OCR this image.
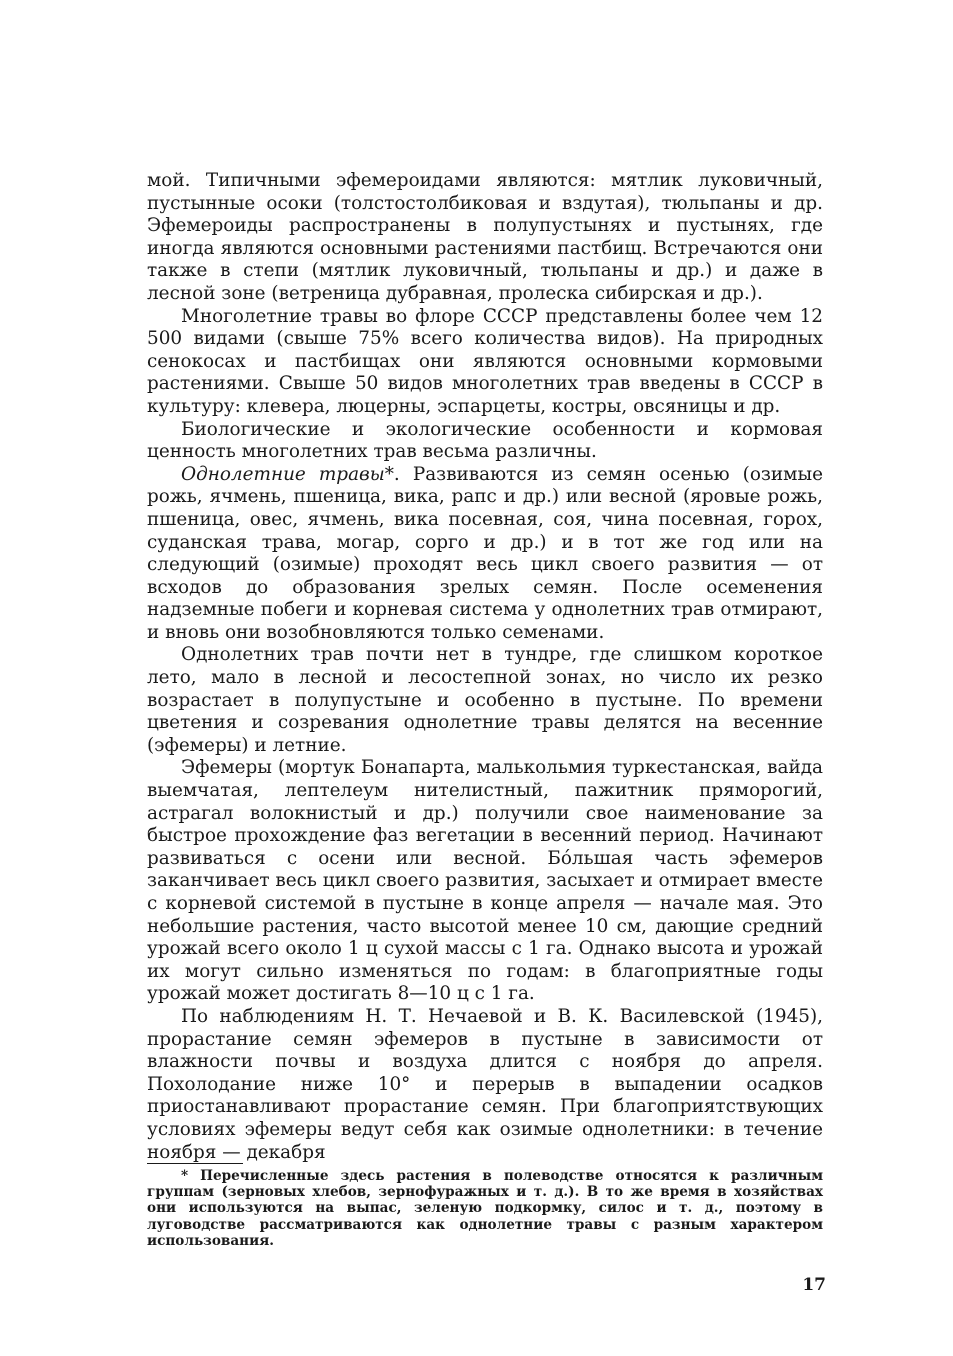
мой. Типичными эфемероидами являются: мятлик луковичный, пустынные осоки (толстостолбиковая и вздутая), тюльпаны и др. Эфемероиды распространены в полупустынях и пустынях, где иногда являются основными растениями пастбищ. Встречаются они также в степи (мятлик луковичный, тюльпаны и др.) и даже в лесной зоне (ветреница дубравная, пролеска сибирская и др.).

Многолетние травы во флоре СССР представлены более чем 12 500 видами (свыше 75% всего количества видов). На природных сенокосах и пастбищах они являются основными кормовыми растениями. Свыше 50 видов многолетних трав введены в СССР в культуру: клевера, люцерны, эспарцеты, костры, овсяницы и др.

Биологические и экологические особенности и кормовая ценность многолетних трав весьма различны.

Однолетние травы*. Развиваются из семян осенью (озимые рожь, ячмень, пшеница, вика, рапс и др.) или весной (яровые рожь, пшеница, овес, ячмень, вика посевная, соя, чина посевная, горох, суданская трава, могар, сорго и др.) и в тот же год или на следующий (озимые) проходят весь цикл своего развития — от всходов до образования зрелых семян. После осеменения надземные побеги и корневая система у однолетних трав отмирают, и вновь они возобновляются только семенами.

Однолетних трав почти нет в тундре, где слишком короткое лето, мало в лесной и лесостепной зонах, но число их резко возрастает в полупустыне и особенно в пустыне. По времени цветения и созревания однолетние травы делятся на весенние (эфемеры) и летние.

Эфемеры (мортук Бонапарта, малькольмия туркестанская, вайда выемчатая, лептелеум нителистный, пажитник пряморогий, астрагал волокнистый и др.) получили свое наименование за быстрое прохождение фаз вегетации в весенний период. Начинают развиваться с осени или весной. Бóльшая часть эфемеров заканчивает весь цикл своего развития, засыхает и отмирает вместе с корневой системой в пустыне в конце апреля — начале мая. Это небольшие растения, часто высотой менее 10 см, дающие средний урожай всего около 1 ц сухой массы с 1 га. Однако высота и урожай их могут сильно изменяться по годам: в благоприятные годы урожай может достигать 8—10 ц с 1 га.

По наблюдениям Н. Т. Нечаевой и В. К. Василевской (1945), прорастание семян эфемеров в пустыне в зависимости от влажности почвы и воздуха длится с ноября до апреля. Похолодание ниже 10° и перерыв в выпадении осадков приостанавливают прорастание семян. При благоприятствующих условиях эфемеры ведут себя как озимые однолетники: в течение ноября — декабря

* Перечисленные здесь растения в полеводстве относятся к различным группам (зерновых хлебов, зернофуражных и т. д.). В то же время в хозяйствах они используются на выпас, зеленую подкормку, силос и т. д., поэтому в луговодстве рассматриваются как однолетние травы с разным характером использования.

17
